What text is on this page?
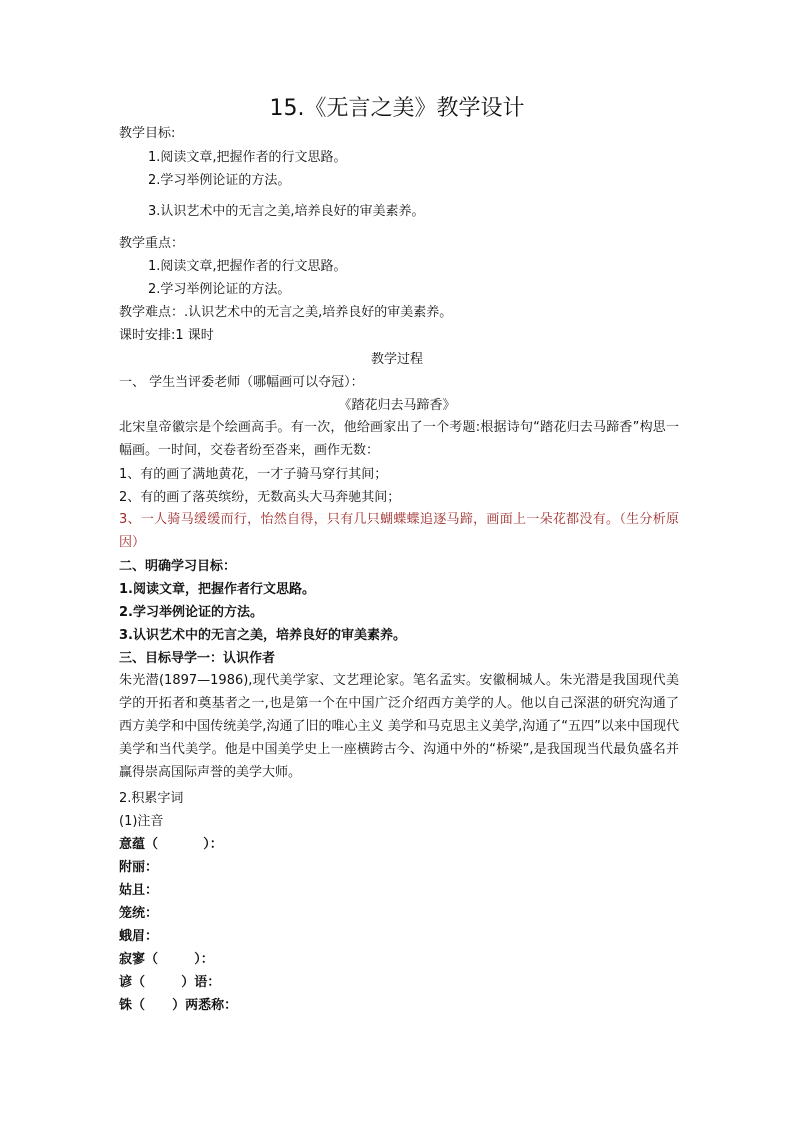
15.《无言之美》教学设计
教学目标:
1.阅读文章,把握作者的行文思路。
2.学习举例论证的方法。
3.认识艺术中的无言之美,培养良好的审美素养。
教学重点：
1.阅读文章,把握作者的行文思路。
2.学习举例论证的方法。
教学难点：.认识艺术中的无言之美,培养良好的审美素养。
课时安排:1 课时
教学过程
一、 学生当评委老师（哪幅画可以夺冠）：
《踏花归去马蹄香》
北宋皇帝徽宗是个绘画高手。有一次，他给画家出了一个考题:根据诗句“踏花归去马蹄香”构思一幅画。一时间，交卷者纷至沓来，画作无数：
1、有的画了满地黄花，一才子骑马穿行其间；
2、有的画了落英缤纷，无数高头大马奔驰其间；
3、一人骑马缓缓而行，怡然自得，只有几只蝴蝶蝶追逐马蹄，画面上一朵花都没有。（生分析原因）
二、明确学习目标：
1.阅读文章，把握作者行文思路。
2.学习举例论证的方法。
3.认识艺术中的无言之美，培养良好的审美素养。
三、目标导学一：认识作者
朱光潜(1897—1986),现代美学家、文艺理论家。笔名孟实。安徽桐城人。朱光潜是我国现代美学的开拓者和奠基者之一,也是第一个在中国广泛介绍西方美学的人。他以自己深湛的研究沟通了西方美学和中国传统美学,沟通了旧的唯心主义 美学和马克思主义美学,沟通了“五四”以来中国现代美学和当代美学。他是中国美学史上一座横跨古今、沟通中外的“桥梁”,是我国现当代最负盛名并赢得崇高国际声誉的美学大师。
2.积累字词
(1)注音
意蕴（          ）：
附丽：
姑且：
笼统：
蛾眉：
寂寥（        ）：
谚（        ）语：
铢（      ）两悉称：
